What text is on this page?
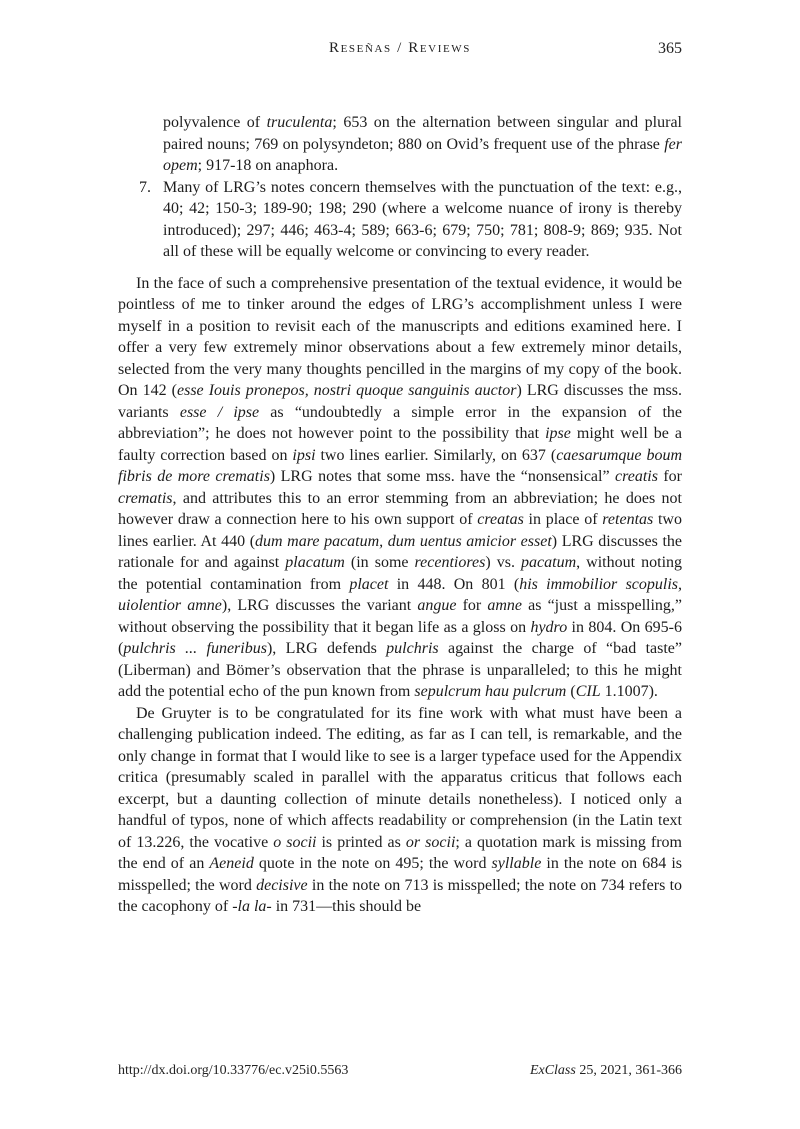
Reseñas / Reviews	365
polyvalence of truculenta; 653 on the alternation between singular and plural paired nouns; 769 on polysyndeton; 880 on Ovid’s frequent use of the phrase fer opem; 917-18 on anaphora.
7. Many of LRG’s notes concern themselves with the punctuation of the text: e.g., 40; 42; 150-3; 189-90; 198; 290 (where a welcome nuance of irony is thereby introduced); 297; 446; 463-4; 589; 663-6; 679; 750; 781; 808-9; 869; 935. Not all of these will be equally welcome or convincing to every reader.

In the face of such a comprehensive presentation of the textual evidence, it would be pointless of me to tinker around the edges of LRG’s accomplishment unless I were myself in a position to revisit each of the manuscripts and editions examined here. I offer a very few extremely minor observations about a few extremely minor details, selected from the very many thoughts pencilled in the margins of my copy of the book. On 142 (esse Iouis pronepos, nostri quoque sanguinis auctor) LRG discusses the mss. variants esse / ipse as “undoubtedly a simple error in the expansion of the abbreviation”; he does not however point to the possibility that ipse might well be a faulty correction based on ipsi two lines earlier. Similarly, on 637 (caesarumque boum fibris de more crematis) LRG notes that some mss. have the “nonsensical” creatis for crematis, and attributes this to an error stemming from an abbreviation; he does not however draw a connection here to his own support of creatas in place of retentas two lines earlier. At 440 (dum mare pacatum, dum uentus amicior esset) LRG discusses the rationale for and against placatum (in some recentiores) vs. pacatum, without noting the potential contamination from placet in 448. On 801 (his immobilior scopulis, uiolentior amne), LRG discusses the variant angue for amne as “just a misspelling,” without observing the possibility that it began life as a gloss on hydro in 804. On 695-6 (pulchris ... funeribus), LRG defends pulchris against the charge of “bad taste” (Liberman) and Bömer’s observation that the phrase is unparalleled; to this he might add the potential echo of the pun known from sepulcrum hau pulcrum (CIL 1.1007).

De Gruyter is to be congratulated for its fine work with what must have been a challenging publication indeed. The editing, as far as I can tell, is remarkable, and the only change in format that I would like to see is a larger typeface used for the Appendix critica (presumably scaled in parallel with the apparatus criticus that follows each excerpt, but a daunting collection of minute details nonetheless). I noticed only a handful of typos, none of which affects readability or comprehension (in the Latin text of 13.226, the vocative o socii is printed as or socii; a quotation mark is missing from the end of an Aeneid quote in the note on 495; the word syllable in the note on 684 is misspelled; the word decisive in the note on 713 is misspelled; the note on 734 refers to the cacophony of -la la- in 731—this should be

http://dx.doi.org/10.33776/ec.v25i0.5563	ExClass 25, 2021, 361-366
